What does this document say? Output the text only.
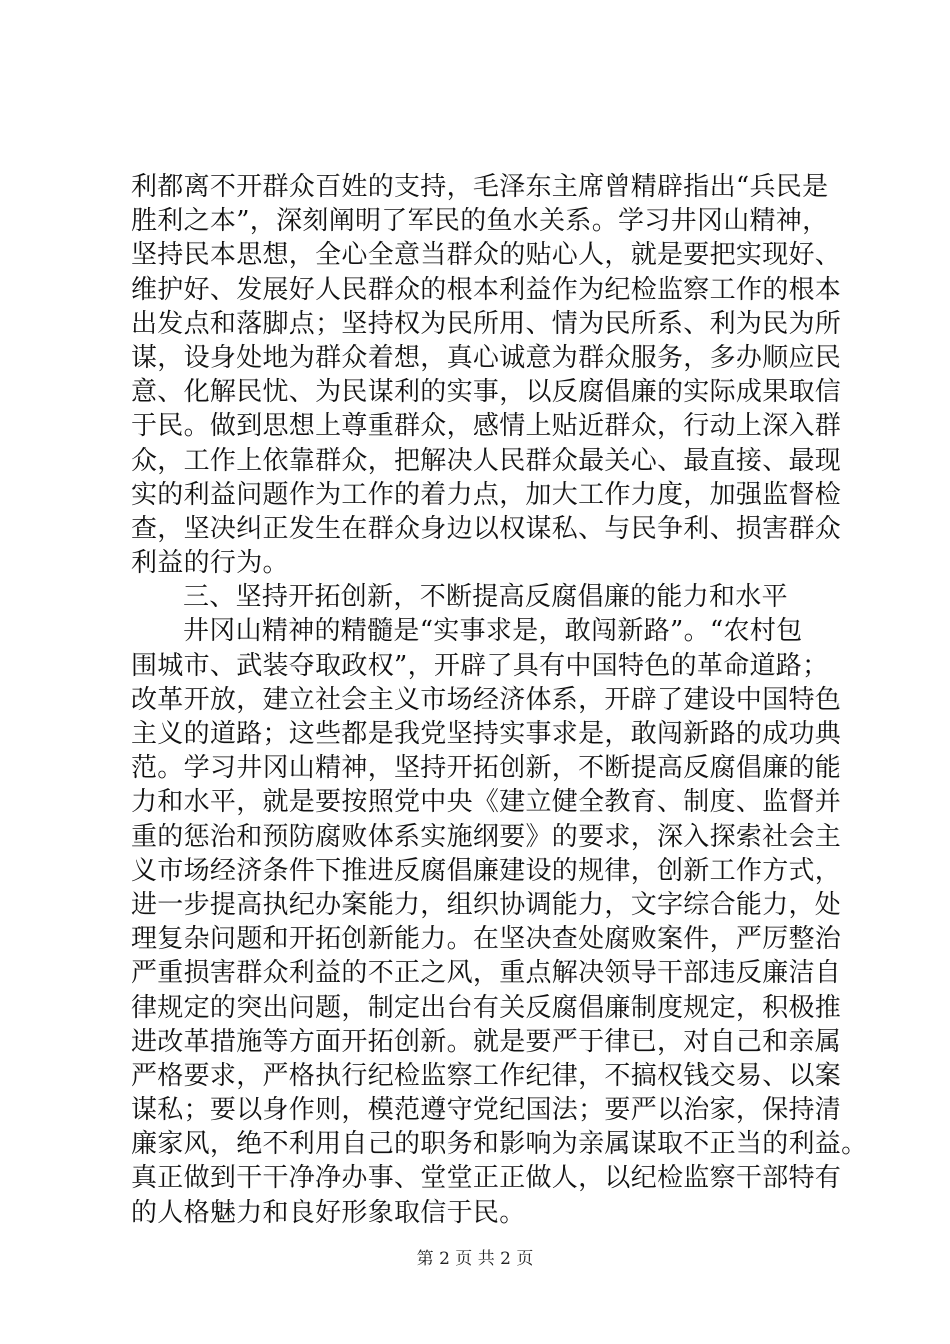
利都离不开群众百姓的支持，毛泽东主席曾精辟指出“兵民是
胜利之本”，深刻阐明了军民的鱼水关系。学习井冈山精神，
坚持民本思想，全心全意当群众的贴心人，就是要把实现好、
维护好、发展好人民群众的根本利益作为纪检监察工作的根本
出发点和落脚点；坚持权为民所用、情为民所系、利为民为所
谋，设身处地为群众着想，真心诚意为群众服务，多办顺应民
意、化解民忧、为民谋利的实事，以反腐倡廉的实际成果取信
于民。做到思想上尊重群众，感情上贴近群众，行动上深入群
众，工作上依靠群众，把解决人民群众最关心、最直接、最现
实的利益问题作为工作的着力点，加大工作力度，加强监督检
查，坚决纠正发生在群众身边以权谋私、与民争利、损害群众
利益的行为。
三、坚持开拓创新，不断提高反腐倡廉的能力和水平
井冈山精神的精髓是“实事求是，敢闯新路”。“农村包
围城市、武装夺取政权”，开辟了具有中国特色的革命道路；
改革开放，建立社会主义市场经济体系，开辟了建设中国特色
主义的道路；这些都是我党坚持实事求是，敢闯新路的成功典
范。学习井冈山精神，坚持开拓创新，不断提高反腐倡廉的能
力和水平，就是要按照党中央《建立健全教育、制度、监督并
重的惩治和预防腐败体系实施纲要》的要求，深入探索社会主
义市场经济条件下推进反腐倡廉建设的规律，创新工作方式，
进一步提高执纪办案能力，组织协调能力，文字综合能力，处
理复杂问题和开拓创新能力。在坚决查处腐败案件，严厉整治
严重损害群众利益的不正之风，重点解决领导干部违反廉洁自
律规定的突出问题，制定出台有关反腐倡廉制度规定，积极推
进改革措施等方面开拓创新。就是要严于律已，对自己和亲属
严格要求，严格执行纪检监察工作纪律，不搞权钱交易、以案
谋私；要以身作则，模范遵守党纪国法；要严以治家，保持清
廉家风，绝不利用自己的职务和影响为亲属谋取不正当的利益。
真正做到干干净净办事、堂堂正正做人，以纪检监察干部特有
的人格魅力和良好形象取信于民。
第 2 页 共 2 页
